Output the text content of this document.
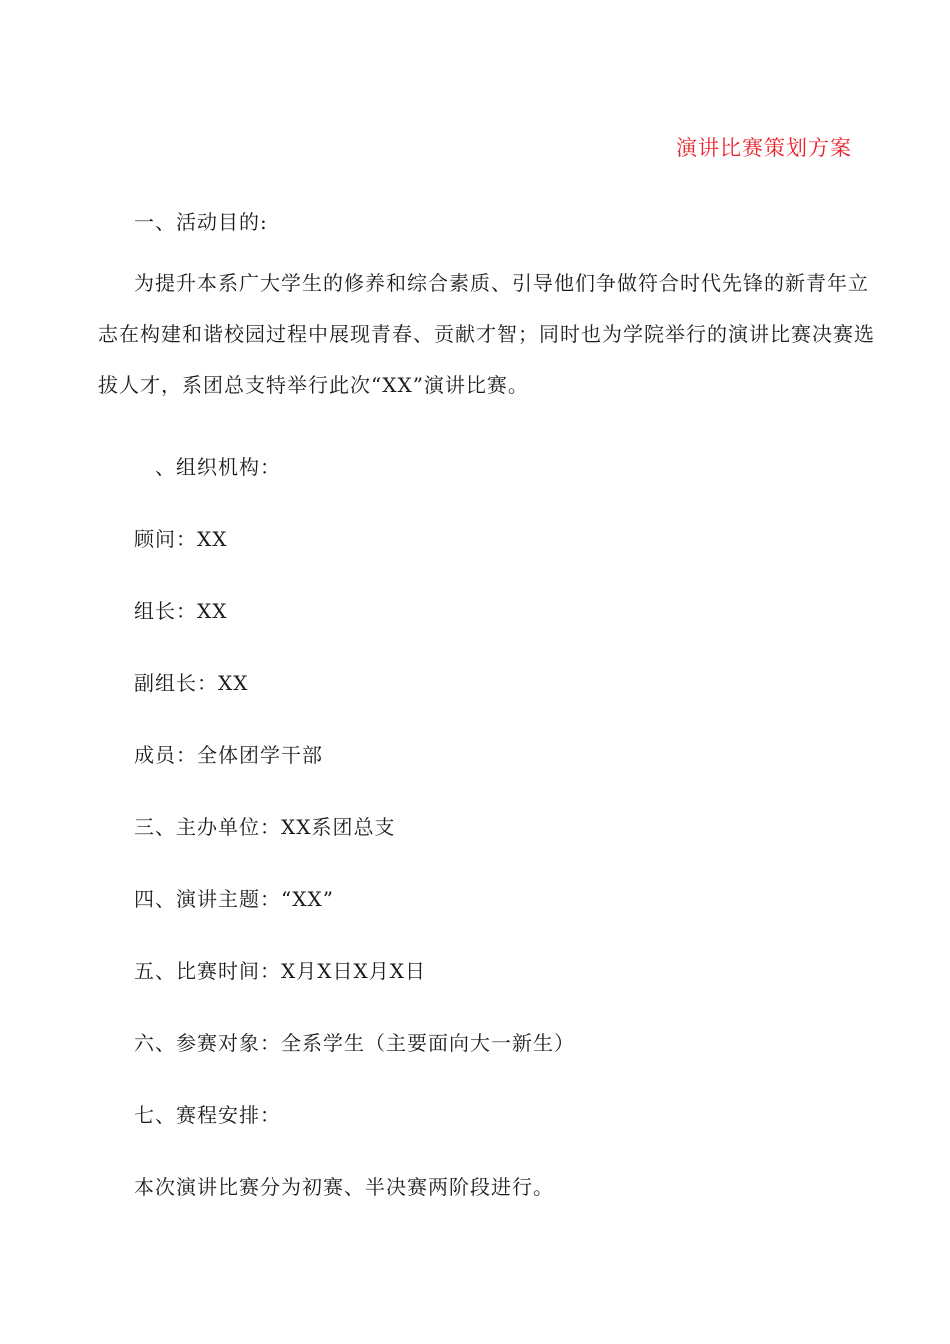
演讲比赛策划方案
一、活动目的:
为提升本系广大学生的修养和综合素质、引导他们争做符合时代先锋的新青年立
志在构建和谐校园过程中展现青春、贡献才智；同时也为学院举行的演讲比赛决赛选
拔人才，系团总支特举行此次“XX”演讲比赛。
、组织机构：
顾问：XX
组长：XX
副组长：XX
成员：全体团学干部
三、主办单位：XX系团总支
四、演讲主题：“XX”
五、比赛时间：X月X日X月X日
六、参赛对象：全系学生（主要面向大一新生）
七、赛程安排：
本次演讲比赛分为初赛、半决赛两阶段进行。
